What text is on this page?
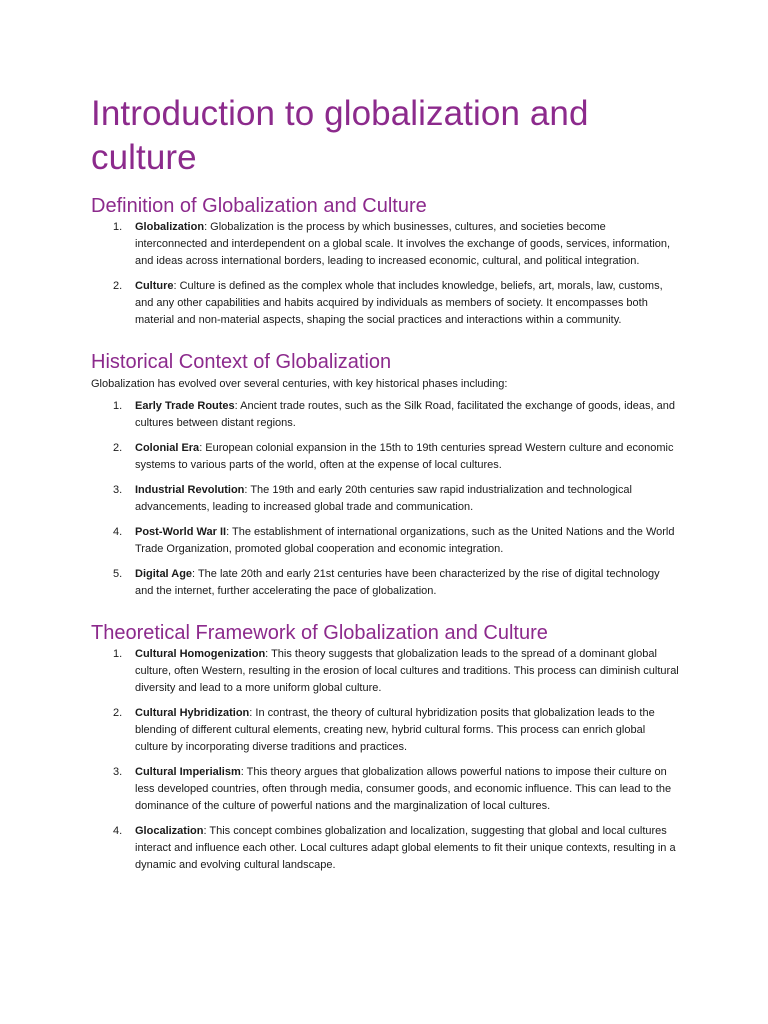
Introduction to globalization and culture
Definition of Globalization and Culture
1. Globalization: Globalization is the process by which businesses, cultures, and societies become interconnected and interdependent on a global scale. It involves the exchange of goods, services, information, and ideas across international borders, leading to increased economic, cultural, and political integration.
2. Culture: Culture is defined as the complex whole that includes knowledge, beliefs, art, morals, law, customs, and any other capabilities and habits acquired by individuals as members of society. It encompasses both material and non-material aspects, shaping the social practices and interactions within a community.
Historical Context of Globalization

Globalization has evolved over several centuries, with key historical phases including:

1. Early Trade Routes: Ancient trade routes, such as the Silk Road, facilitated the exchange of goods, ideas, and cultures between distant regions.
2. Colonial Era: European colonial expansion in the 15th to 19th centuries spread Western culture and economic systems to various parts of the world, often at the expense of local cultures.
3. Industrial Revolution: The 19th and early 20th centuries saw rapid industrialization and technological advancements, leading to increased global trade and communication.
4. Post-World War II: The establishment of international organizations, such as the United Nations and the World Trade Organization, promoted global cooperation and economic integration.
5. Digital Age: The late 20th and early 21st centuries have been characterized by the rise of digital technology and the internet, further accelerating the pace of globalization.
Theoretical Framework of Globalization and Culture
1. Cultural Homogenization: This theory suggests that globalization leads to the spread of a dominant global culture, often Western, resulting in the erosion of local cultures and traditions. This process can diminish cultural diversity and lead to a more uniform global culture.
2. Cultural Hybridization: In contrast, the theory of cultural hybridization posits that globalization leads to the blending of different cultural elements, creating new, hybrid cultural forms. This process can enrich global culture by incorporating diverse traditions and practices.
3. Cultural Imperialism: This theory argues that globalization allows powerful nations to impose their culture on less developed countries, often through media, consumer goods, and economic influence. This can lead to the dominance of the culture of powerful nations and the marginalization of local cultures.
4. Glocalization: This concept combines globalization and localization, suggesting that global and local cultures interact and influence each other. Local cultures adapt global elements to fit their unique contexts, resulting in a dynamic and evolving cultural landscape.
